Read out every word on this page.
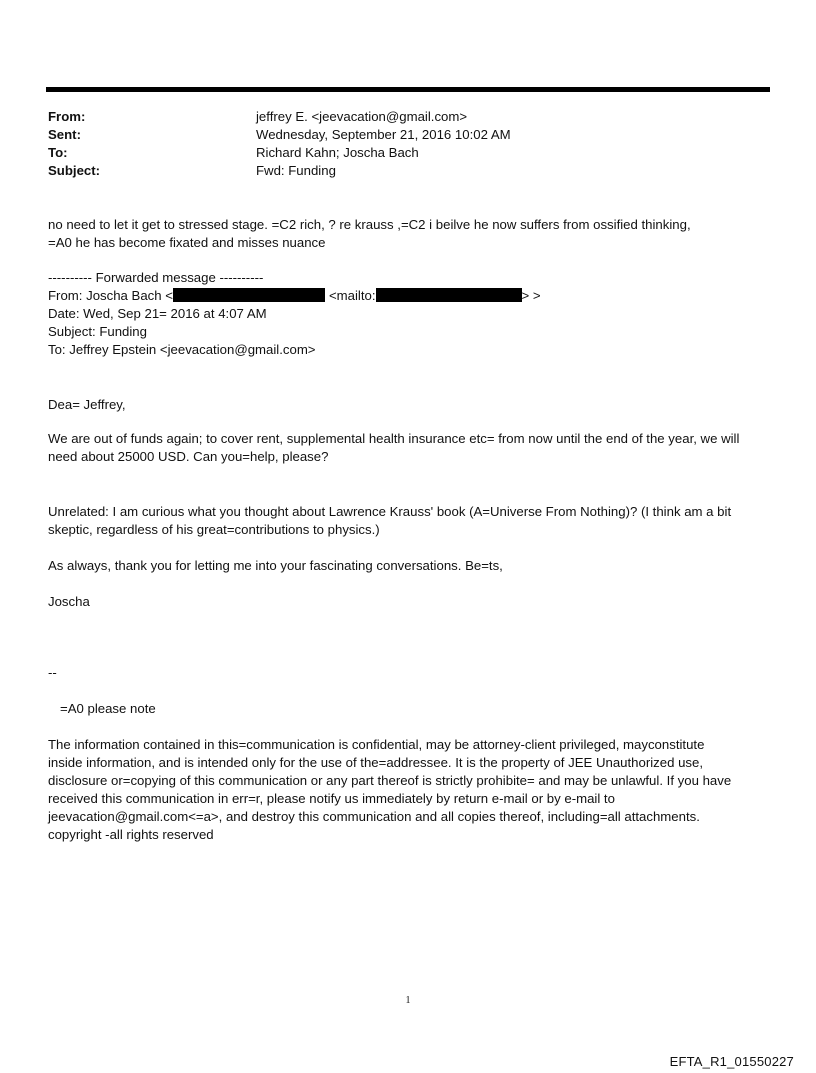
From:	jeffrey E. <jeevacation@gmail.com>
Sent:	Wednesday, September 21, 2016 10:02 AM
To:	Richard Kahn; Joscha Bach
Subject:	Fwd: Funding
no need to let it get to stressed stage. =C2 rich, ? re krauss ,=C2 i beilve he now suffers from ossified thinking,
=A0 he has become fixated and misses nuance
---------- Forwarded message ----------
From: Joscha Bach <	<mailto:	> >
Date: Wed, Sep 21= 2016 at 4:07 AM
Subject: Funding
To: Jeffrey Epstein <jeevacation@gmail.com>
Dea= Jeffrey,
We are out of funds again; to cover rent, supplemental health insurance etc= from now until the end of the year, we will
need about 25000 USD. Can you=help, please?
Unrelated: I am curious what you thought about Lawrence Krauss' book (A=Universe From Nothing)? (I think am a bit
skeptic, regardless of his great=contributions to physics.)
As always, thank you for letting me into your fascinating conversations. Be=ts,
Joscha
--
=A0 please note
The information contained in this=communication is confidential, may be attorney-client privileged, mayconstitute
inside information, and is intended only for the use of the=addressee. It is the property of JEE Unauthorized use,
disclosure or=copying of this communication or any part thereof is strictly prohibite= and may be unlawful. If you have
received this communication in err=r, please notify us immediately by return e-mail or by e-mail to
jeevacation@gmail.com<=a>, and destroy this communication and all copies thereof, including=all attachments.
copyright -all rights reserved
1
EFTA_R1_01550227
